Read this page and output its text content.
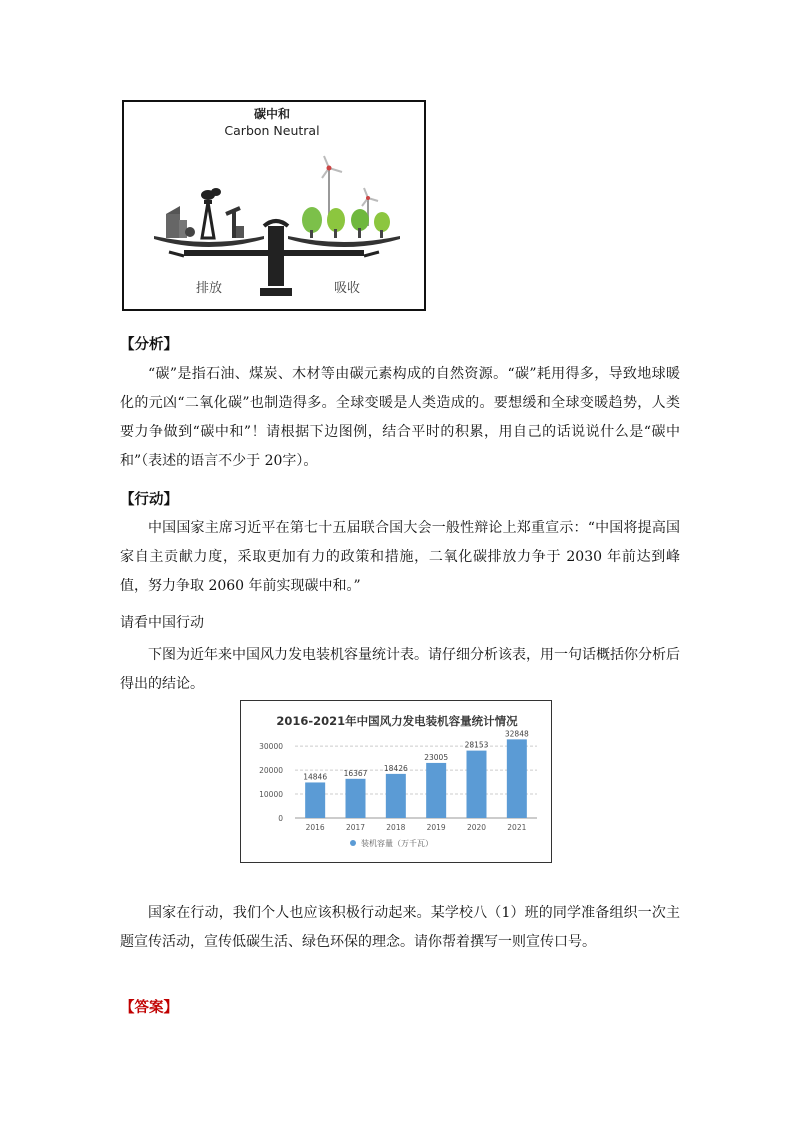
碳中和
Carbon Neutral
排放	吸收
【分析】
“碳”是指石油、煤炭、木材等由碳元素构成的自然资源。“碳”耗用得多，导致地球暖化的元凶“二氧化碳”也制造得多。全球变暖是人类造成的。要想缓和全球变暖趋势，人类要力争做到“碳中和”！请根据下边图例，结合平时的积累，用自己的话说说什么是“碳中和”（表述的语言不少于 20字）。
【行动】
中国国家主席习近平在第七十五届联合国大会一般性辩论上郑重宣示：“中国将提高国家自主贡献力度，采取更加有力的政策和措施，二氧化碳排放力争于 2030 年前达到峰值，努力争取 2060 年前实现碳中和。”
请看中国行动
下图为近年来中国风力发电装机容量统计表。请仔细分析该表，用一句话概括你分析后得出的结论。
2016-2021年中国风力发电装机容量统计情况
0
10000
20000
30000
14846
2016
16367
2017
18426
2018
23005
2019
28153
2020
32848
2021
装机容量（万千瓦）
国家在行动，我们个人也应该积极行动起来。某学校八（1）班的同学准备组织一次主题宣传活动，宣传低碳生活、绿色环保的理念。请你帮着撰写一则宣传口号。
【答案】
